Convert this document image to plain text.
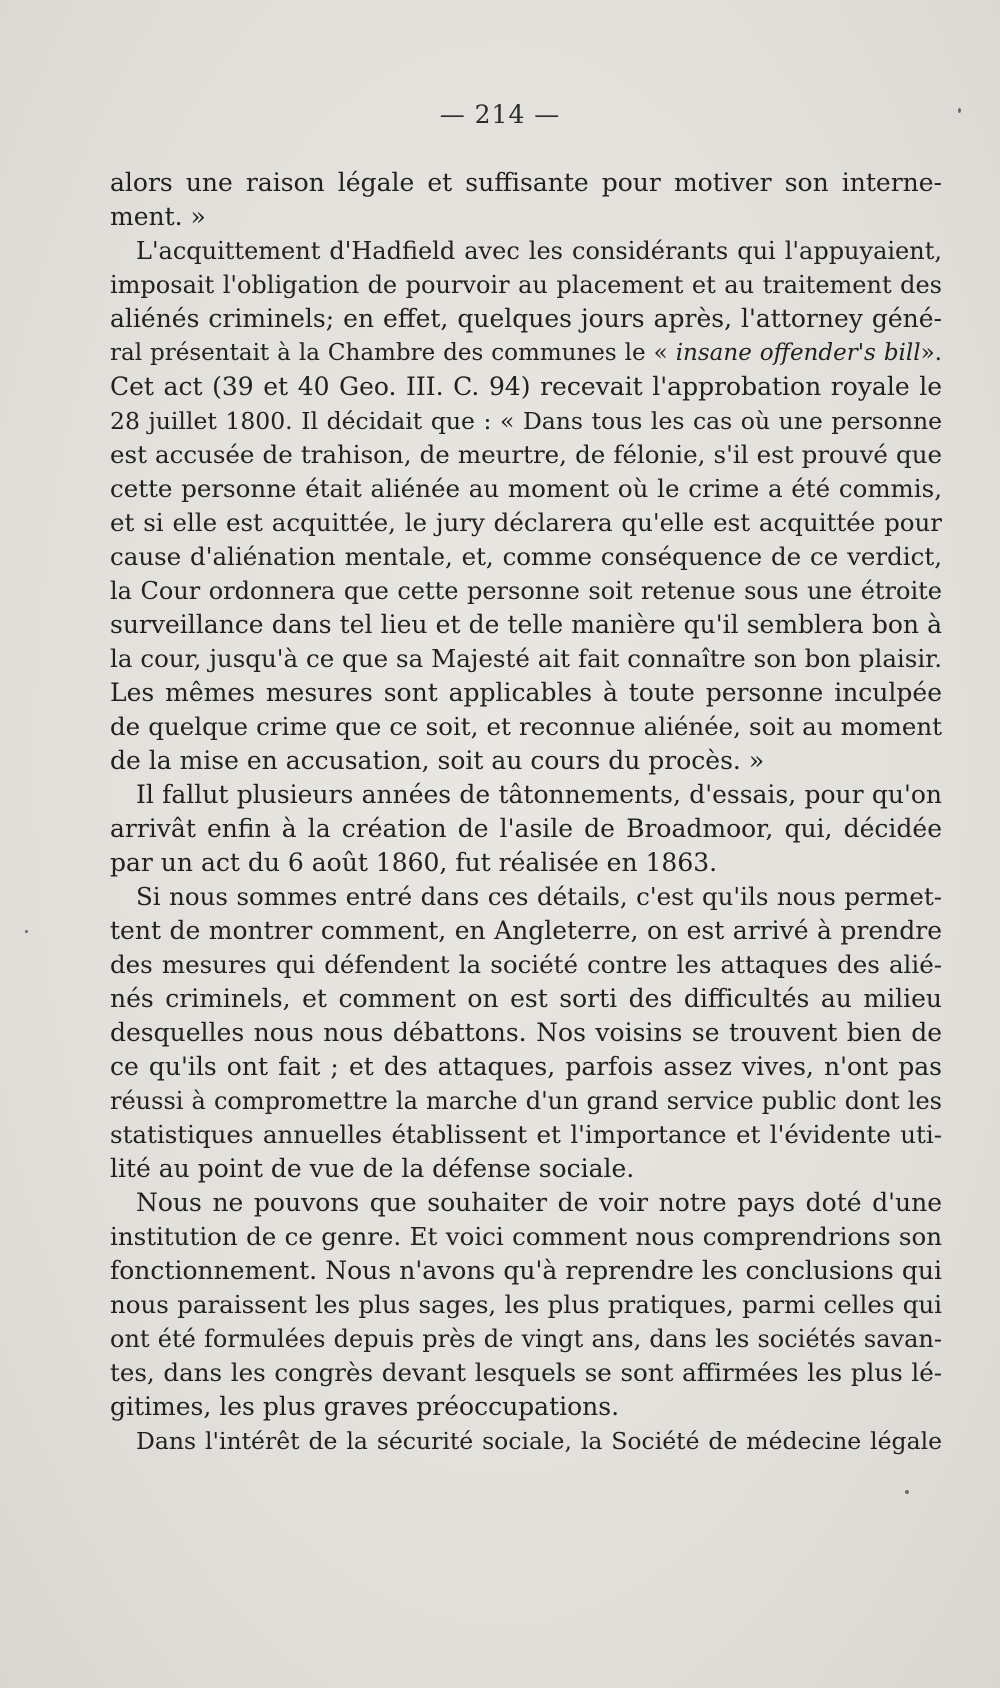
— 214 —
alors une raison légale et suffisante pour motiver son interne-
ment. »
L'acquittement d'Hadfield avec les considérants qui l'appuyaient,
imposait l'obligation de pourvoir au placement et au traitement des
aliénés criminels; en effet, quelques jours après, l'attorney géné-
ral présentait à la Chambre des communes le « insane offender's bill».
Cet act (39 et 40 Geo. III. C. 94) recevait l'approbation royale le
28 juillet 1800. Il décidait que : « Dans tous les cas où une personne
est accusée de trahison, de meurtre, de félonie, s'il est prouvé que
cette personne était aliénée au moment où le crime a été commis,
et si elle est acquittée, le jury déclarera qu'elle est acquittée pour
cause d'aliénation mentale, et, comme conséquence de ce verdict,
la Cour ordonnera que cette personne soit retenue sous une étroite
surveillance dans tel lieu et de telle manière qu'il semblera bon à
la cour, jusqu'à ce que sa Majesté ait fait connaître son bon plaisir.
Les mêmes mesures sont applicables à toute personne inculpée
de quelque crime que ce soit, et reconnue aliénée, soit au moment
de la mise en accusation, soit au cours du procès. »
Il fallut plusieurs années de tâtonnements, d'essais, pour qu'on
arrivât enfin à la création de l'asile de Broadmoor, qui, décidée
par un act du 6 août 1860, fut réalisée en 1863.
Si nous sommes entré dans ces détails, c'est qu'ils nous permet-
tent de montrer comment, en Angleterre, on est arrivé à prendre
des mesures qui défendent la société contre les attaques des alié-
nés criminels, et comment on est sorti des difficultés au milieu
desquelles nous nous débattons. Nos voisins se trouvent bien de
ce qu'ils ont fait ; et des attaques, parfois assez vives, n'ont pas
réussi à compromettre la marche d'un grand service public dont les
statistiques annuelles établissent et l'importance et l'évidente uti-
lité au point de vue de la défense sociale.
Nous ne pouvons que souhaiter de voir notre pays doté d'une
institution de ce genre. Et voici comment nous comprendrions son
fonctionnement. Nous n'avons qu'à reprendre les conclusions qui
nous paraissent les plus sages, les plus pratiques, parmi celles qui
ont été formulées depuis près de vingt ans, dans les sociétés savan-
tes, dans les congrès devant lesquels se sont affirmées les plus lé-
gitimes, les plus graves préoccupations.
Dans l'intérêt de la sécurité sociale, la Société de médecine légale
